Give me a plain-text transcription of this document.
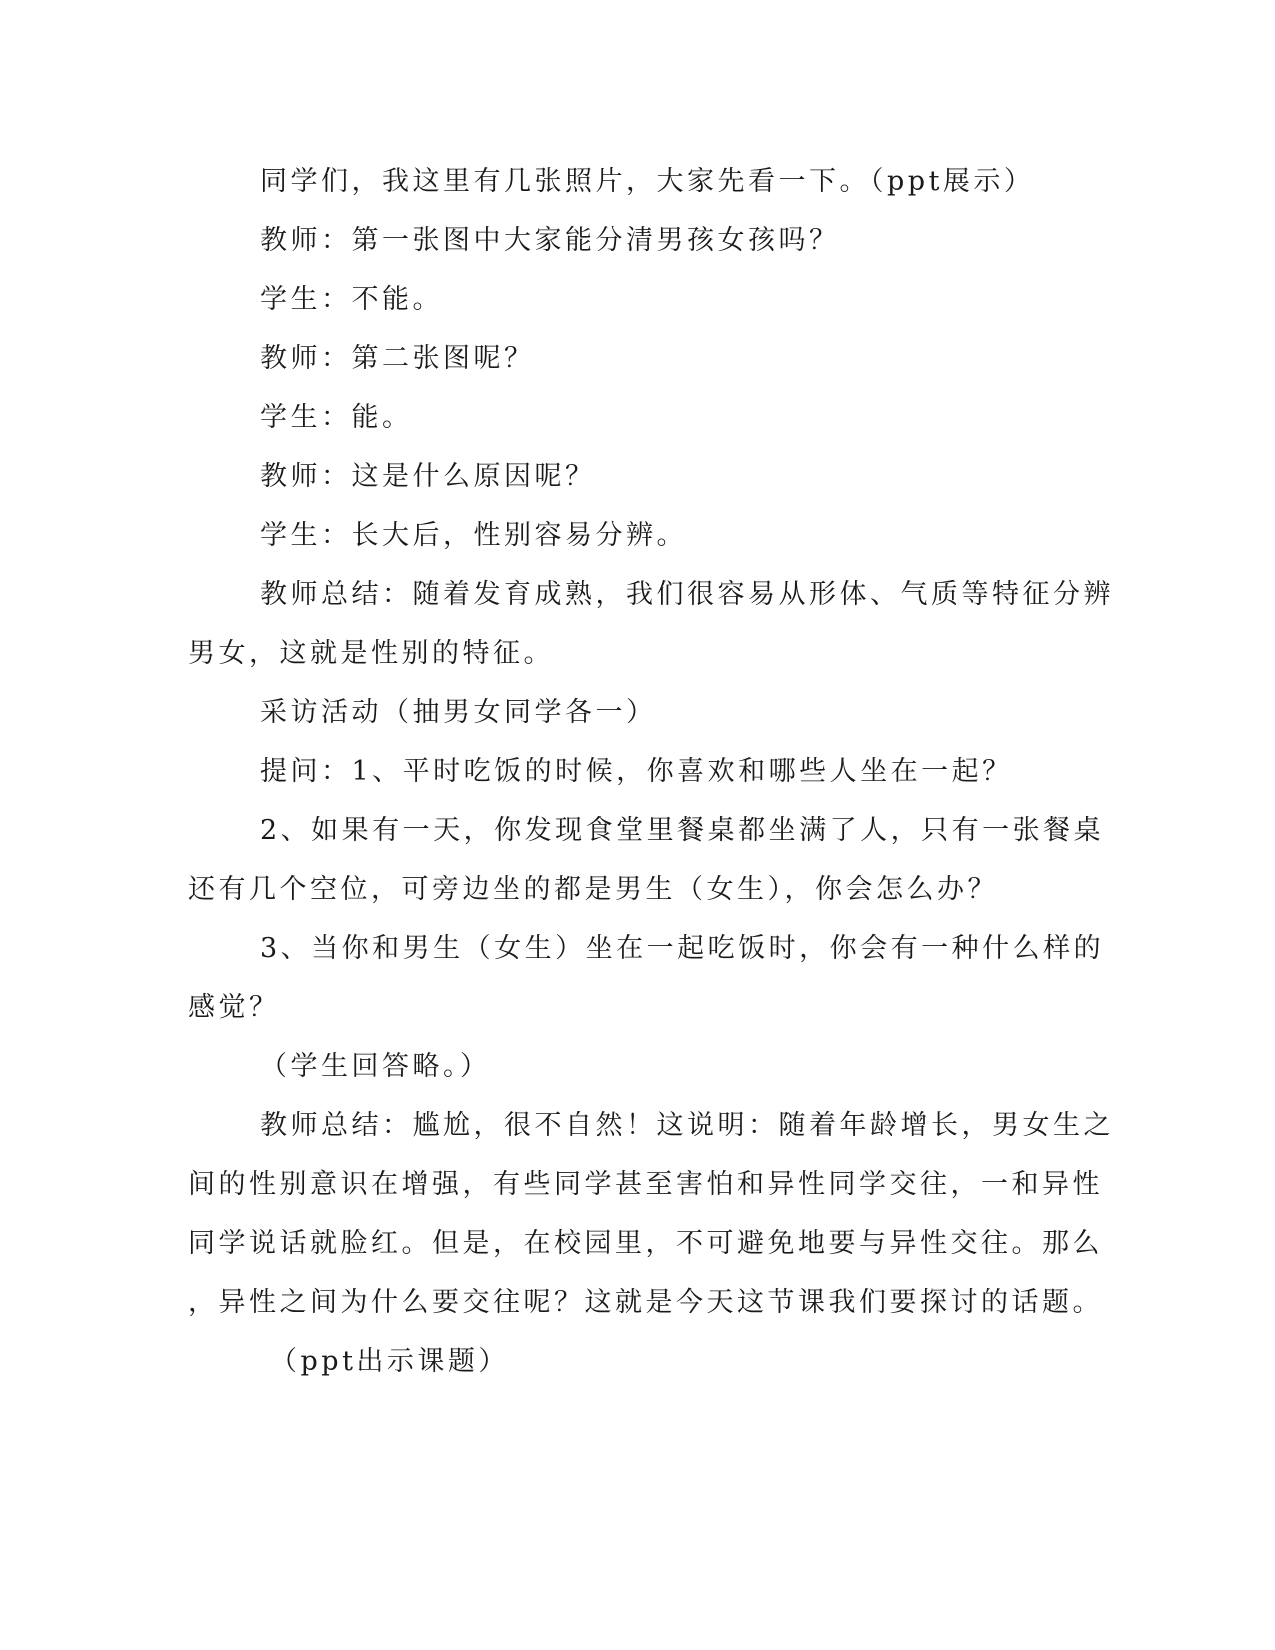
同学们，我这里有几张照片，大家先看一下。（ppt展示）
教师：第一张图中大家能分清男孩女孩吗？
学生：不能。
教师：第二张图呢？
学生：能。
教师：这是什么原因呢？
学生：长大后，性别容易分辨。
教师总结：随着发育成熟，我们很容易从形体、气质等特征分辨
男女，这就是性别的特征。
采访活动（抽男女同学各一）
提问：1、平时吃饭的时候，你喜欢和哪些人坐在一起？
2、如果有一天，你发现食堂里餐桌都坐满了人，只有一张餐桌
还有几个空位，可旁边坐的都是男生（女生），你会怎么办？
3、当你和男生（女生）坐在一起吃饭时，你会有一种什么样的
感觉？
（学生回答略。）
教师总结：尴尬，很不自然！这说明：随着年龄增长，男女生之
间的性别意识在增强，有些同学甚至害怕和异性同学交往，一和异性
同学说话就脸红。但是，在校园里，不可避免地要与异性交往。那么
，异性之间为什么要交往呢？这就是今天这节课我们要探讨的话题。
（ppt出示课题）
